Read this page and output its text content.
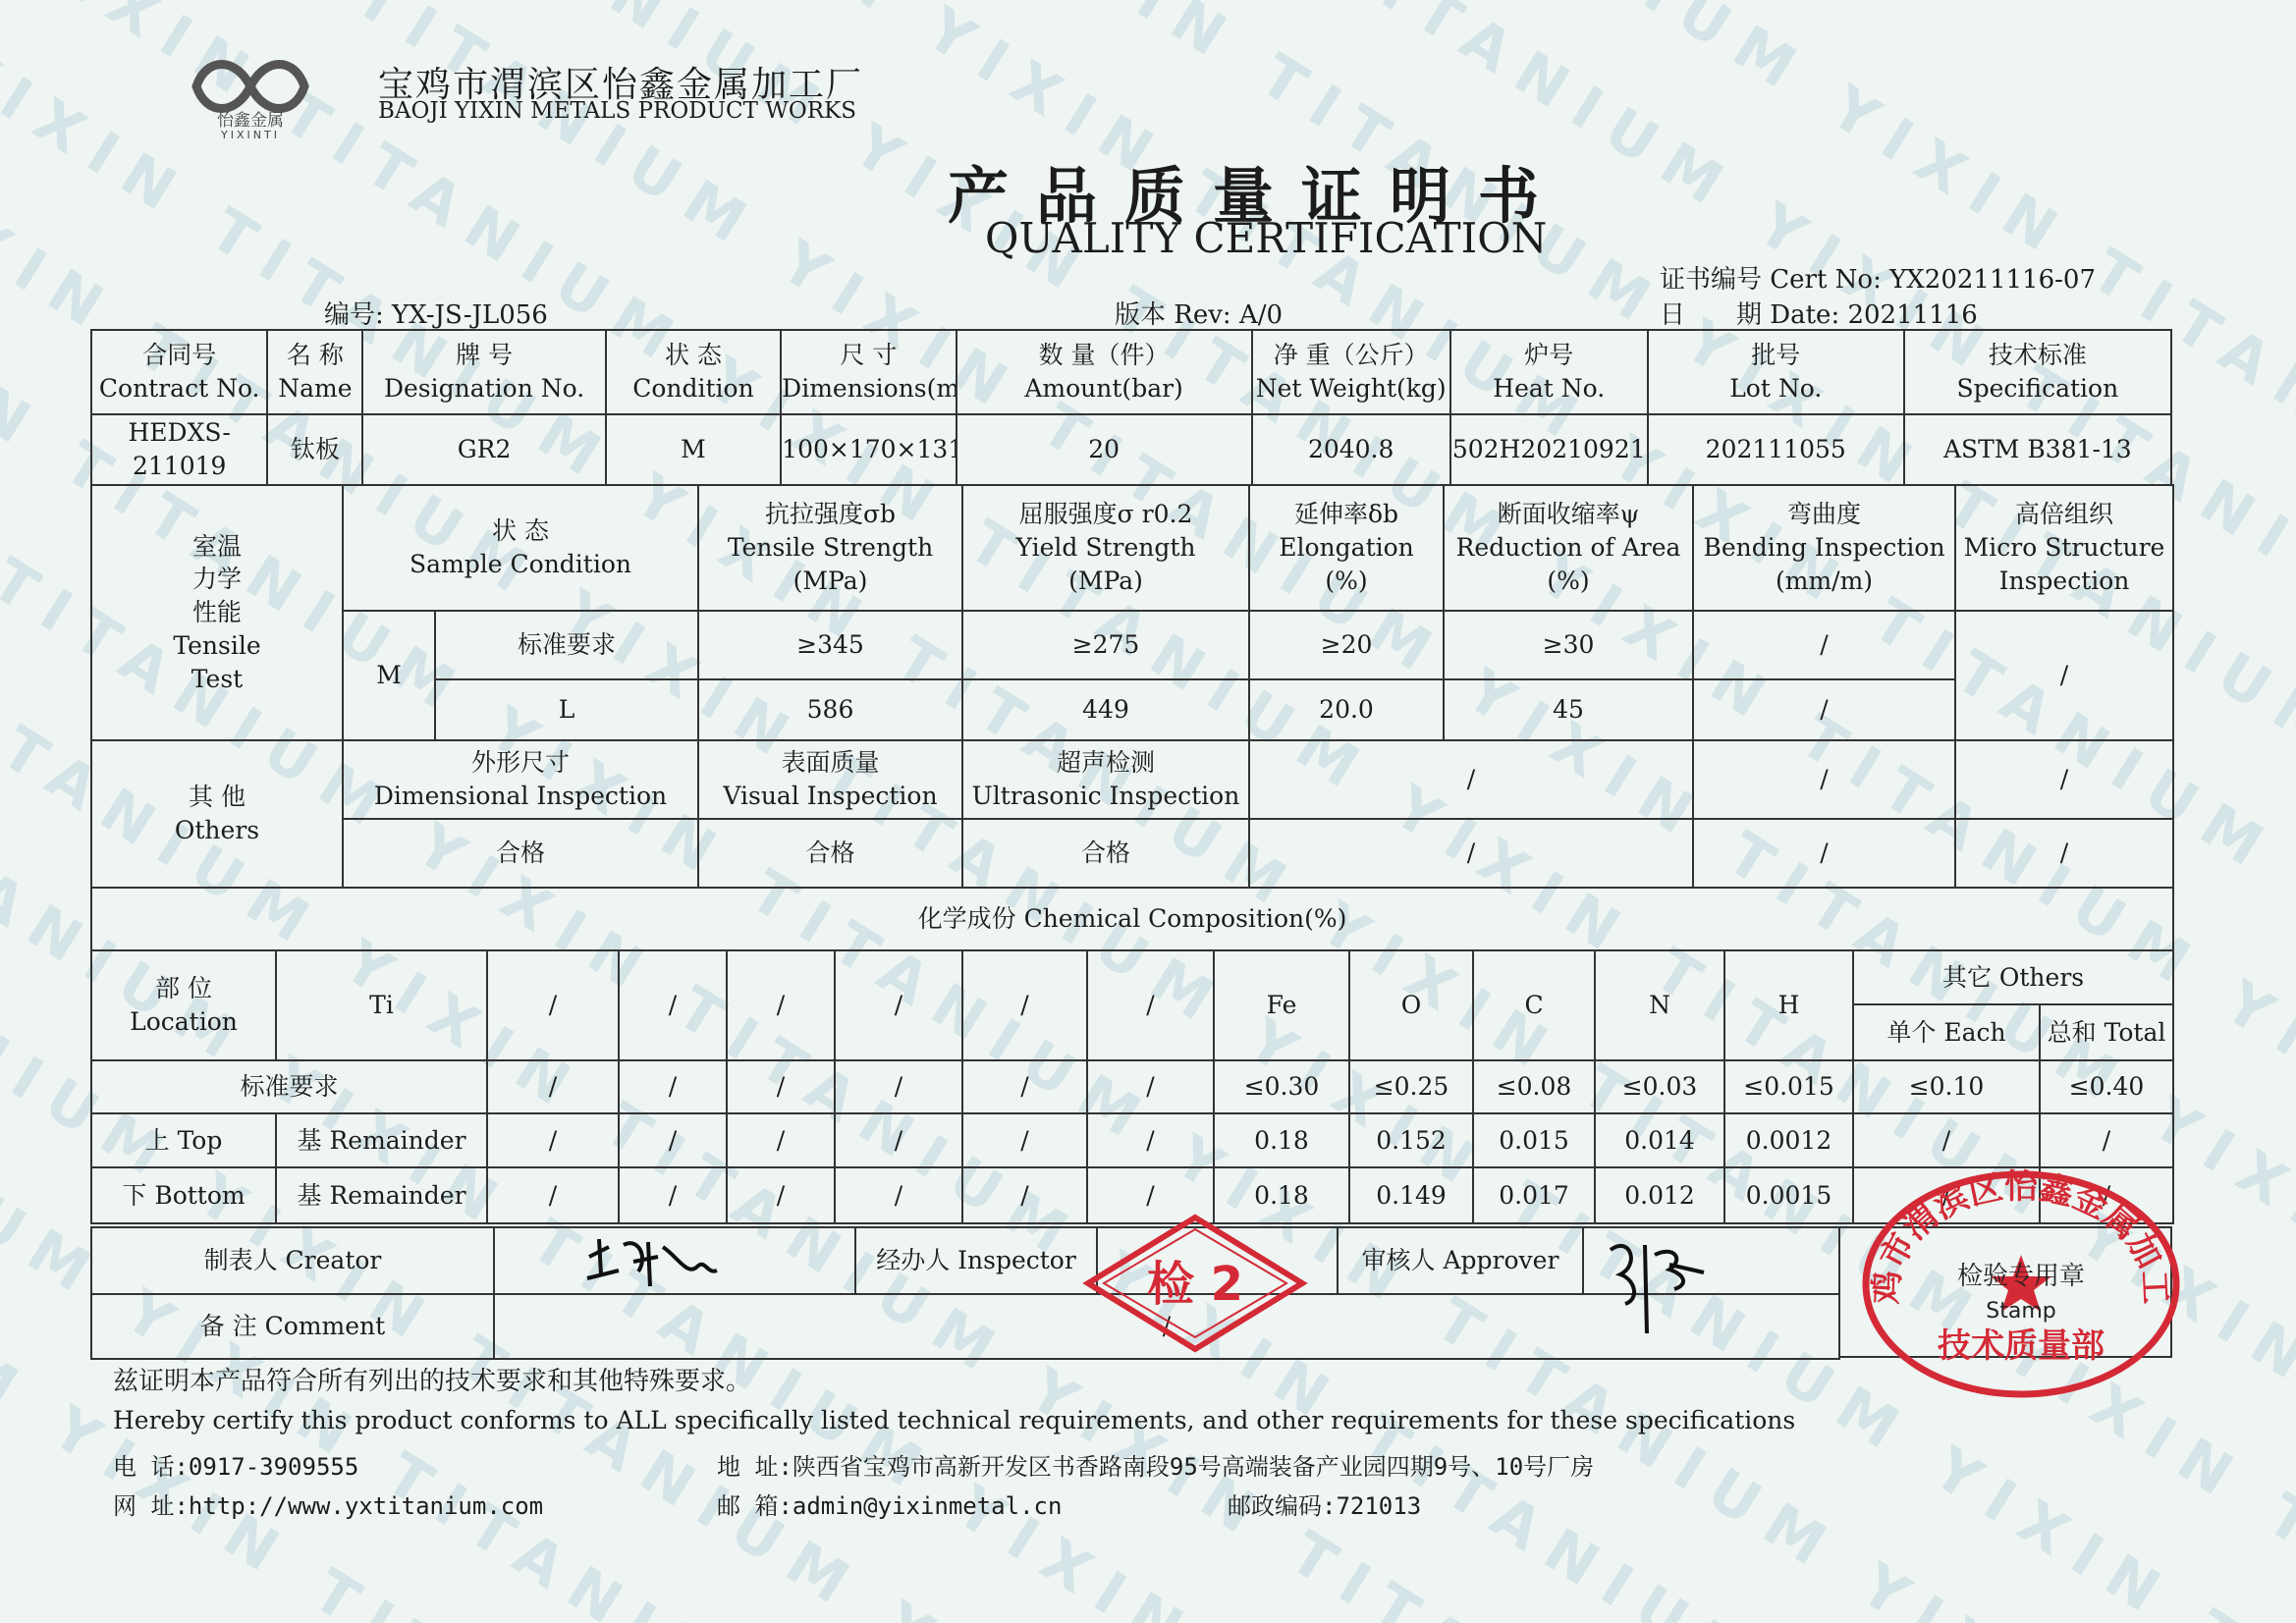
怡鑫金属
YIXINTI
宝鸡市渭滨区怡鑫金属加工厂
BAOJI YIXIN METALS PRODUCT WORKS
产品质量证明书
QUALITY CERTIFICATION
证书编号 Cert No: YX20211116-07
日　　期 Date: 20211116
编号: YX-JS-JL056	版本 Rev: A/0
合同号
Contract No.

名 称
Name

牌 号
Designation No.

状 态
Condition

尺 寸
Dimensions(

数 量（件）
Amount(bar)

净 重（公斤）
Net Weight(kg)

炉号
Heat No.

批号
Lot No.

技术标准
Specification

HEDXS-211019	钛板	GR2	M	100×170×13	20	2040.8	502H20210921	202111055	ASTM B381-13
室温力学性能
Tensile Test

状 态
Sample Condition

抗拉强度σb
Tensile Strength
(MPa)

屈服强度σ r0.2
Yield Strength
(MPa)

延伸率δb
Elongation
(%)

断面收缩率ψ
Reduction of Area
(%)

弯曲度
Bending Inspection
(mm/m)

高倍组织
Micro Structure
Inspection

M	标准要求	≥345	≥275	≥20	≥30	/	/
L	586	449	20.0	45	/
其 他
Others

外形尺寸
Dimensional Inspection

表面质量
Visual Inspection

超声检测
Ultrasonic Inspection
	/	/	/
合格	合格	合格	/	/	/
化学成份 Chemical Composition(%)
部 位
Location
	Ti	/	/	/	/	/	/	Fe	O	C	N	H	其它 Others
单个 Each	总和 Total
标准要求	/	/	/	/	/	/	≤0.30	≤0.25	≤0.08	≤0.03	≤0.015	≤0.10	≤0.40
上 Top	基 Remainder	/	/	/	/	/	/	0.18	0.152	0.015	0.014	0.0012	/	/
下 Bottom	基 Remainder	/	/	/	/	/	/	0.18	0.149	0.017	0.012	0.0015	/	/
制表人 Creator		经办人 Inspector		审核人 Approver	
备 注 Comment	/
检 2	鸡市渭滨区怡鑫金属加工
检验专用章
Stamp
技术质量部
兹证明本产品符合所有列出的技术要求和其他特殊要求。
Hereby certify this product conforms to ALL specifically listed technical requirements, and other requirements for these specifications
电 话:0917-3909555	地 址:陕西省宝鸡市高新开发区书香路南段95号高端装备产业园四期9号、10号厂房
网 址:http://www.yxtitanium.com	邮 箱:admin@yixinmetal.cn	邮政编码:721013
